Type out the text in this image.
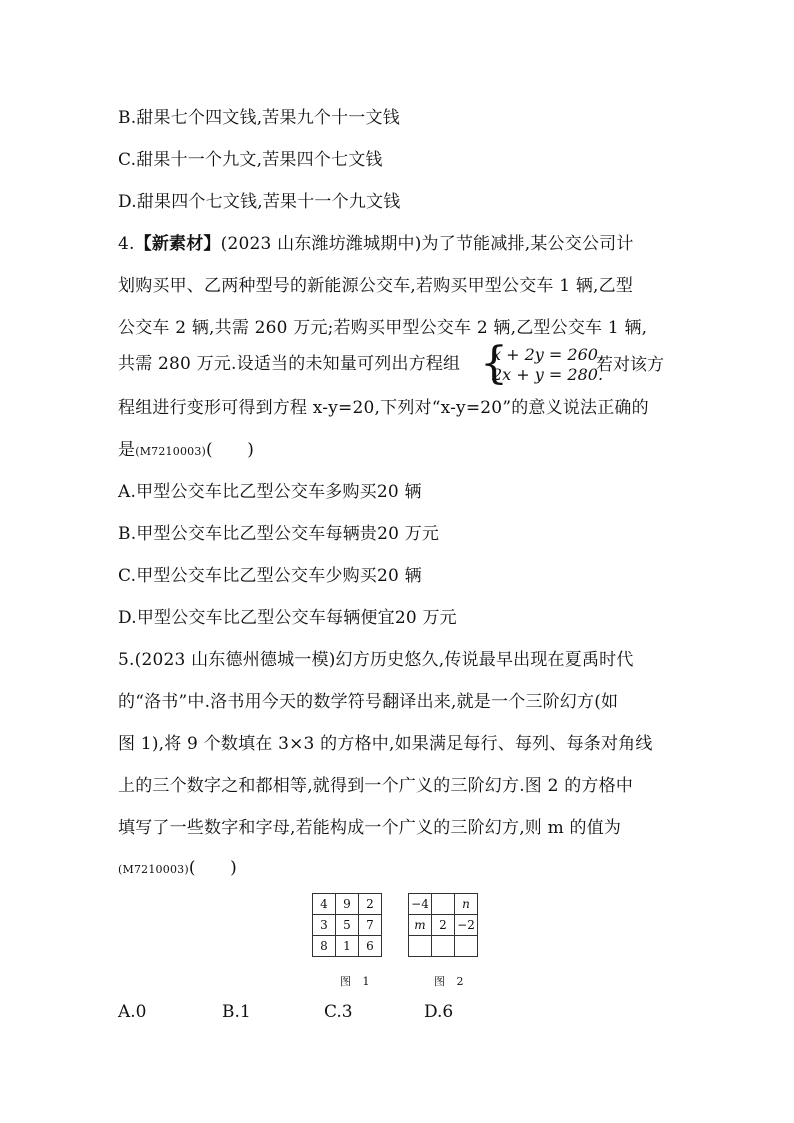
B.甜果七个四文钱,苦果九个十一文钱
C.甜果十一个九文,苦果四个七文钱
D.甜果四个七文钱,苦果十一个九文钱
4.【新素材】(2023 山东潍坊潍城期中)为了节能减排,某公交公司计
划购买甲、乙两种型号的新能源公交车,若购买甲型公交车 1 辆,乙型
公交车 2 辆,共需 260 万元;若购买甲型公交车 2 辆,乙型公交车 1 辆,
共需 280 万元.设适当的未知量可列出方程组 {
x + 2y = 260,
2x + y = 280.
若对该方
程组进行变形可得到方程 x-y=20,下列对“x-y=20”的意义说法正确的
是(M7210003)(　　)
A.甲型公交车比乙型公交车多购买20 辆
B.甲型公交车比乙型公交车每辆贵20 万元
C.甲型公交车比乙型公交车少购买20 辆
D.甲型公交车比乙型公交车每辆便宜20 万元
5.(2023 山东德州德城一模)幻方历史悠久,传说最早出现在夏禹时代
的“洛书”中.洛书用今天的数学符号翻译出来,就是一个三阶幻方(如
图 1),将 9 个数填在 3×3 的方格中,如果满足每行、每列、每条对角线
上的三个数字之和都相等,就得到一个广义的三阶幻方.图 2 的方格中
填写了一些数字和字母,若能构成一个广义的三阶幻方,则 m 的值为
(M7210003)(　　)
4	9	2
3	5	7
8	1	6
图 1
−4		n
m	2	−2

图 2
A.0	B.1	C.3	D.6
